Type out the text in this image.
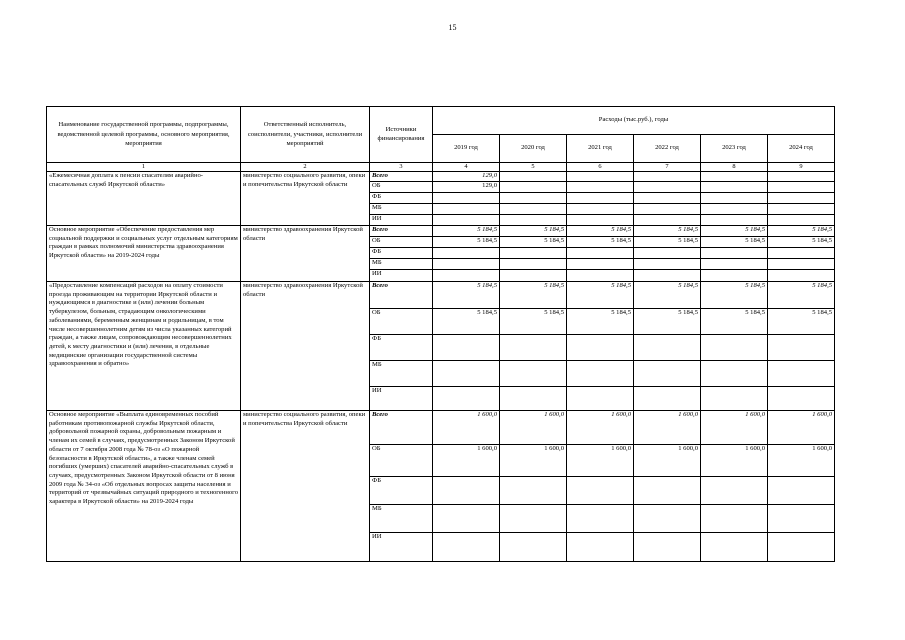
15
Наименование государственной программы, подпрограммы, ведомственной целевой программы, основного мероприятия, мероприятия	Ответственный исполнитель, соисполнители, участники, исполнители мероприятий	Источники финансирования	Расходы (тыс.руб.), годы					
			2019 год	2020 год	2021 год	2022 год	2023 год	2024 год
1	2	3	4	5	6	7	8	9
«Ежемесячная доплата к пенсии спасателям аварийно-спасательных служб Иркутской области»	министерство социального развития, опеки и попечительства Иркутской области	Всего	129,0					
		ОБ	129,0					
		ФБ						
		МБ						
		ИИ						
Основное мероприятие «Обеспечение предоставления мер социальной поддержки и социальных услуг отдельным категориям граждан в рамках полномочий министерства здравоохранения Иркутской области» на 2019-2024 годы	министерство здравоохранения Иркутской области	Всего	5 184,5	5 184,5	5 184,5	5 184,5	5 184,5	5 184,5
		ОБ	5 184,5	5 184,5	5 184,5	5 184,5	5 184,5	5 184,5
		ФБ						
		МБ						
		ИИ						
«Предоставление компенсаций расходов на оплату стоимости проезда проживающим на территории Иркутской области и нуждающимся в диагностике и (или) лечении больным туберкулезом, больным, страдающим онкологическими заболеваниями, беременным женщинам и родильницам, в том числе несовершеннолетним детям из числа указанных категорий граждан, а также лицам, сопровождающим несовершеннолетних детей, к месту диагностики и (или) лечения, в отдельные медицинские организации государственной системы здравоохранения и обратно»	министерство здравоохранения Иркутской области	Всего	5 184,5	5 184,5	5 184,5	5 184,5	5 184,5	5 184,5
		ОБ	5 184,5	5 184,5	5 184,5	5 184,5	5 184,5	5 184,5
		ФБ						
		МБ						
		ИИ						
Основное мероприятие «Выплата единовременных пособий работникам противопожарной службы Иркутской области, добровольной пожарной охраны, добровольным пожарным и членам их семей в случаях, предусмотренных Законом Иркутской области от 7 октября 2008 года № 78-оз «О пожарной безопасности в Иркутской области», а также членам семей погибших (умерших) спасателей аварийно-спасательных служб в случаях, предусмотренных Законом Иркутской области от 8 июня 2009 года № 34-оз «Об отдельных вопросах защиты населения и территорий от чрезвычайных ситуаций природного и техногенного характера в Иркутской области» на 2019-2024 годы	министерство социального развития, опеки и попечительства Иркутской области	Всего	1 600,0	1 600,0	1 600,0	1 600,0	1 600,0	1 600,0
		ОБ	1 600,0	1 600,0	1 600,0	1 600,0	1 600,0	1 600,0
		ФБ						
		МБ						
		ИИ						
